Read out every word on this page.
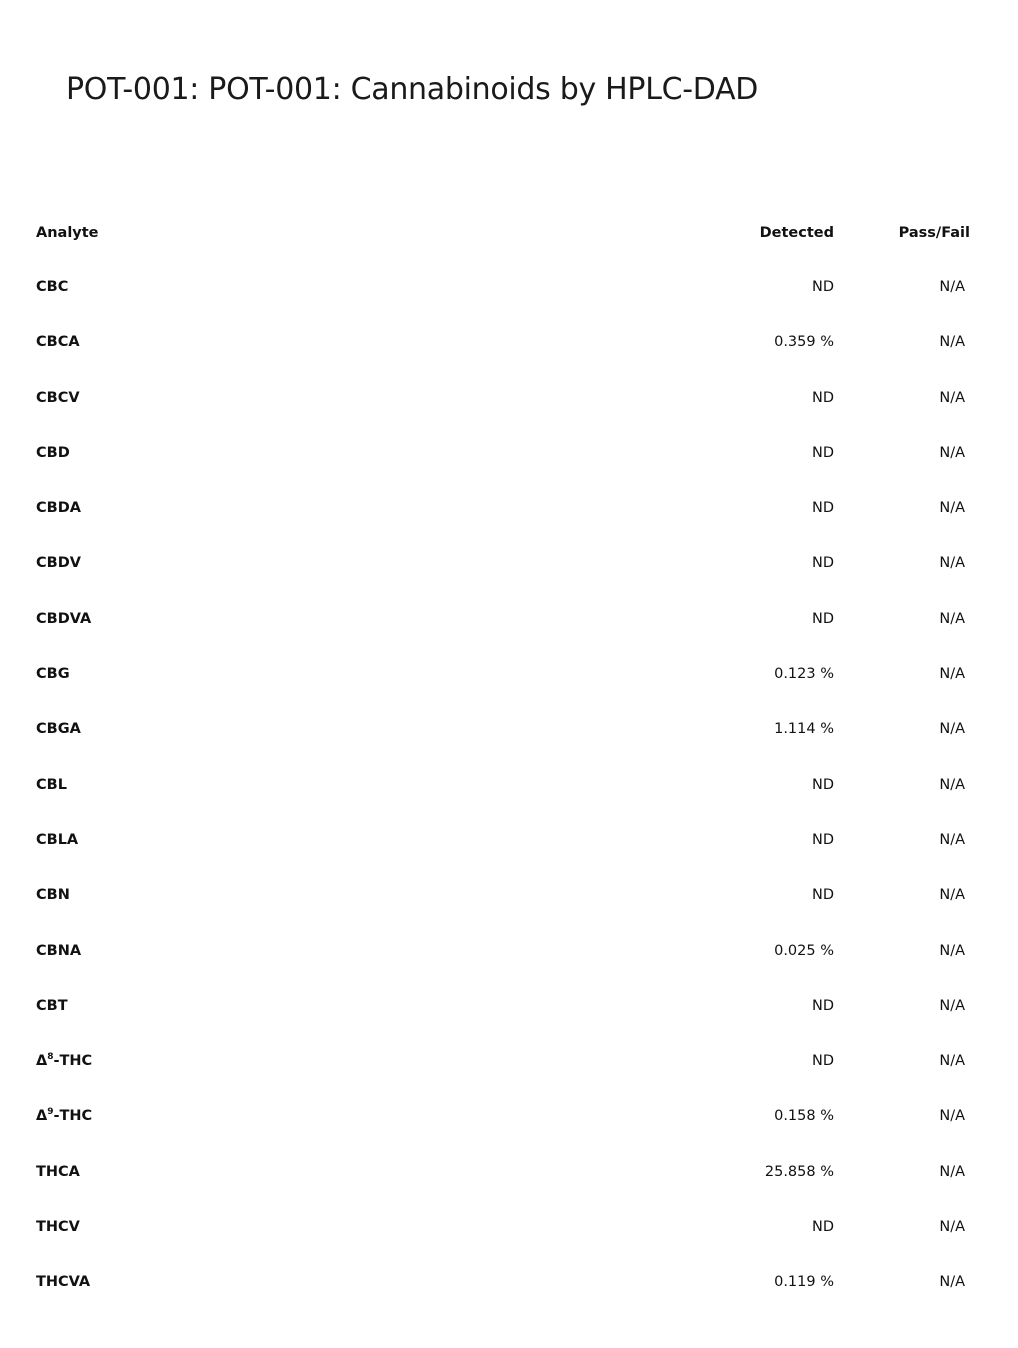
POT-001: POT-001: Cannabinoids by HPLC-DAD
Analyte	Detected	Pass/Fail
CBC	ND	N/A
CBCA	0.359 %	N/A
CBCV	ND	N/A
CBD	ND	N/A
CBDA	ND	N/A
CBDV	ND	N/A
CBDVA	ND	N/A
CBG	0.123 %	N/A
CBGA	1.114 %	N/A
CBL	ND	N/A
CBLA	ND	N/A
CBN	ND	N/A
CBNA	0.025 %	N/A
CBT	ND	N/A
$\Delta^8$-THC	ND	N/A
$\Delta^9$-THC	0.158 %	N/A
THCA	25.858 %	N/A
THCV	ND	N/A
THCVA	0.119 %	N/A
